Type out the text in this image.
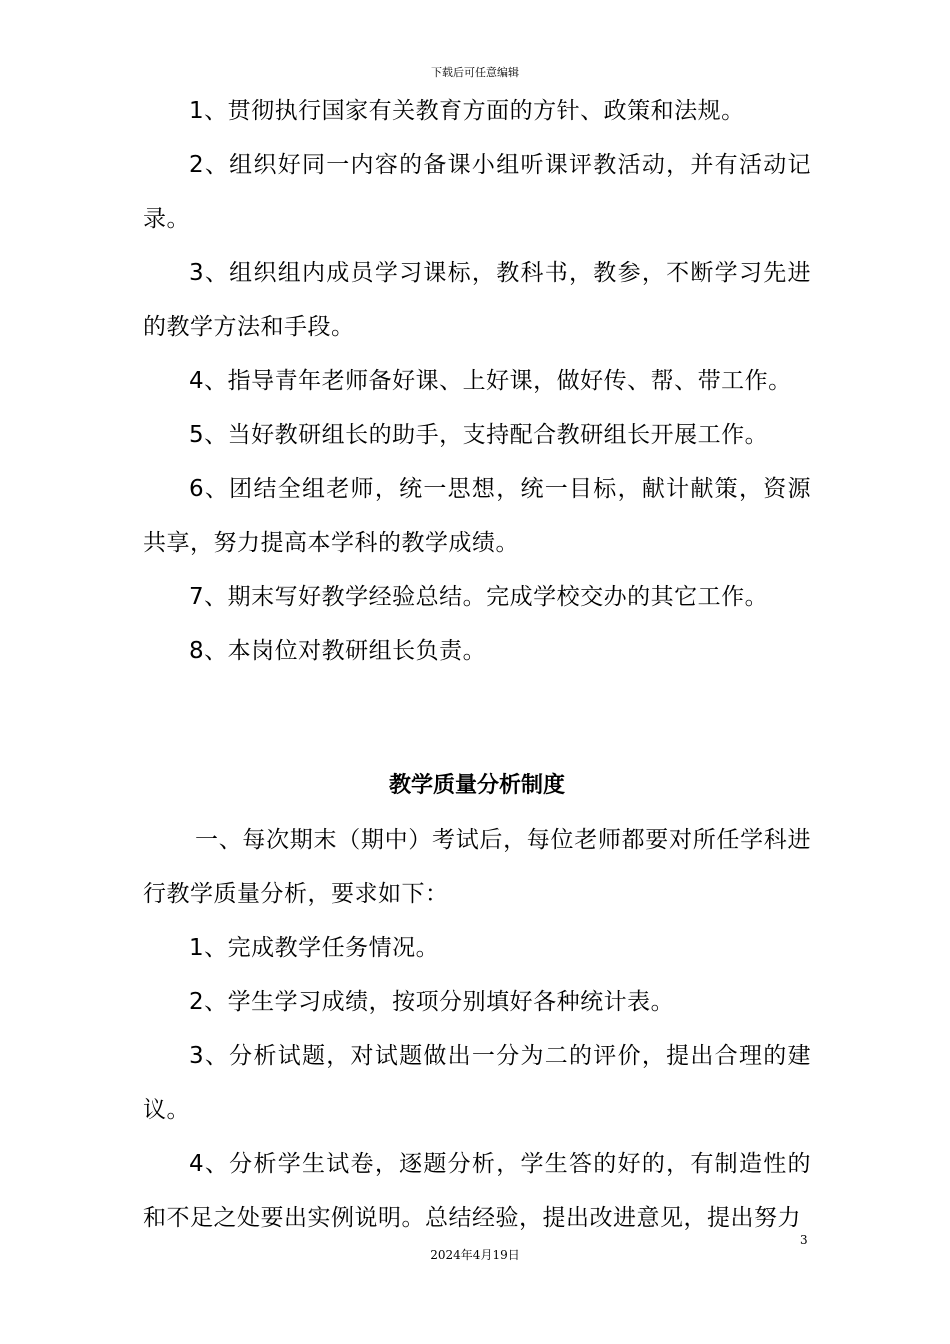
下载后可任意编辑

1、贯彻执行国家有关教育方面的方针、政策和法规。

2、组织好同一内容的备课小组听课评教活动，并有活动记录。

3、组织组内成员学习课标，教科书，教参，不断学习先进的教学方法和手段。

4、指导青年老师备好课、上好课，做好传、帮、带工作。

5、当好教研组长的助手，支持配合教研组长开展工作。

6、团结全组老师，统一思想，统一目标，献计献策，资源共享，努力提高本学科的教学成绩。

7、期末写好教学经验总结。完成学校交办的其它工作。

8、本岗位对教研组长负责。

教学质量分析制度

一、每次期末（期中）考试后，每位老师都要对所任学科进行教学质量分析，要求如下：

1、完成教学任务情况。

2、学生学习成绩，按项分别填好各种统计表。

3、分析试题，对试题做出一分为二的评价，提出合理的建议。

4、分析学生试卷，逐题分析，学生答的好的，有制造性的和不足之处要出实例说明。总结经验，提出改进意见，提出努力

3
2024年4月19日
